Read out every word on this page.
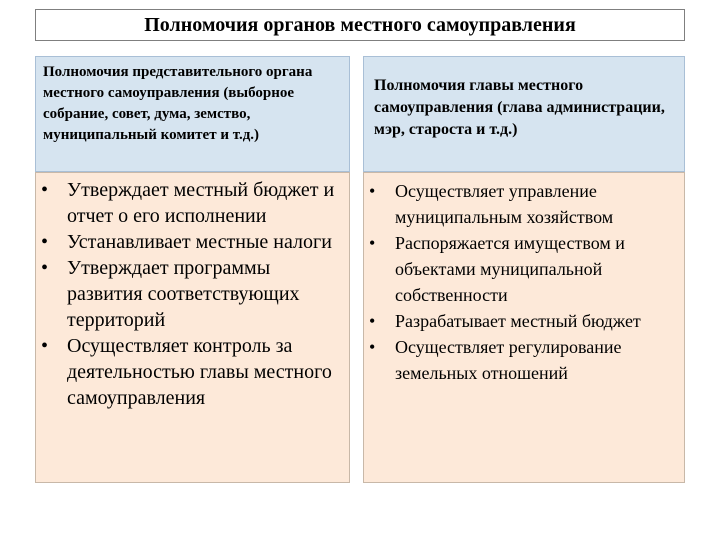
Полномочия органов местного самоуправления
Полномочия представительного органа местного самоуправления (выборное собрание, совет, дума, земство, муниципальный комитет и т.д.)
Полномочия главы местного самоуправления (глава администрации, мэр, староста и т.д.)
• Утверждает местный бюджет и отчет о его исполнении
• Устанавливает местные налоги
• Утверждает программы развития соответствующих территорий
• Осуществляет контроль за деятельностью главы местного самоуправления
• Осуществляет управление муниципальным хозяйством
• Распоряжается имуществом и объектами муниципальной собственности
• Разрабатывает местный бюджет
• Осуществляет регулирование земельных отношений
